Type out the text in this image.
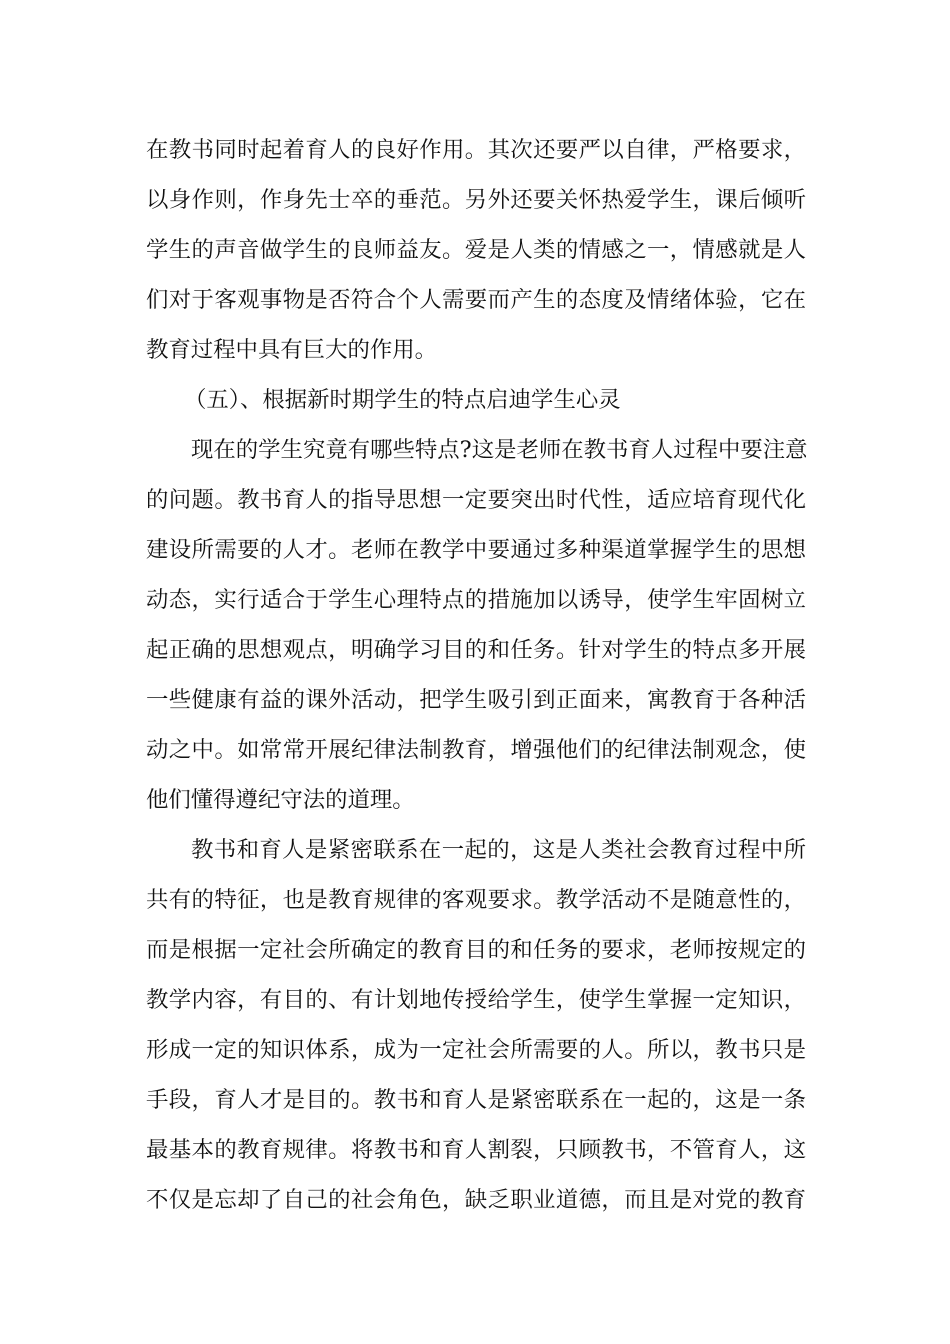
在教书同时起着育人的良好作用。其次还要严以自律，严格要求，
以身作则，作身先士卒的垂范。另外还要关怀热爱学生，课后倾听
学生的声音做学生的良师益友。爱是人类的情感之一，情感就是人
们对于客观事物是否符合个人需要而产生的态度及情绪体验，它在
教育过程中具有巨大的作用。
（五）、根据新时期学生的特点启迪学生心灵
现在的学生究竟有哪些特点?这是老师在教书育人过程中要注意
的问题。教书育人的指导思想一定要突出时代性，适应培育现代化
建设所需要的人才。老师在教学中要通过多种渠道掌握学生的思想
动态，实行适合于学生心理特点的措施加以诱导，使学生牢固树立
起正确的思想观点，明确学习目的和任务。针对学生的特点多开展
一些健康有益的课外活动，把学生吸引到正面来，寓教育于各种活
动之中。如常常开展纪律法制教育，增强他们的纪律法制观念，使
他们懂得遵纪守法的道理。
教书和育人是紧密联系在一起的，这是人类社会教育过程中所
共有的特征，也是教育规律的客观要求。教学活动不是随意性的，
而是根据一定社会所确定的教育目的和任务的要求，老师按规定的
教学内容，有目的、有计划地传授给学生，使学生掌握一定知识，
形成一定的知识体系，成为一定社会所需要的人。所以，教书只是
手段，育人才是目的。教书和育人是紧密联系在一起的，这是一条
最基本的教育规律。将教书和育人割裂，只顾教书，不管育人，这
不仅是忘却了自己的社会角色，缺乏职业道德，而且是对党的教育
